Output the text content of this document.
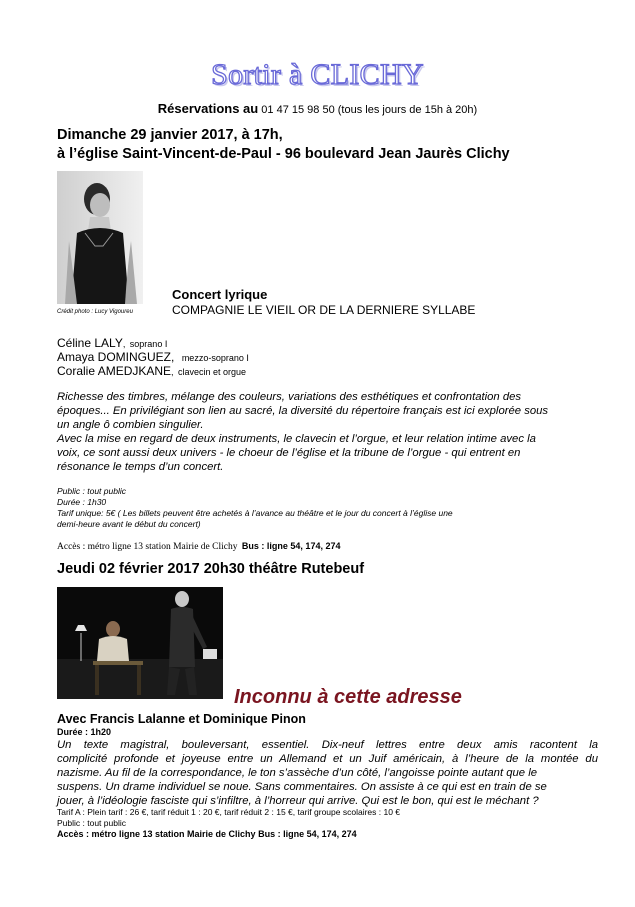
Sortir à CLICHY
Réservations au 01 47 15 98 50 (tous les jours de 15h à 20h)
Dimanche 29 janvier 2017, à 17h,
à l’église Saint-Vincent-de-Paul - 96 boulevard Jean Jaurès Clichy
Crédit photo : Lucy Vigoureu
Concert lyrique
COMPAGNIE LE VIEIL OR DE LA DERNIERE SYLLABE
Céline LALY, soprano I
Amaya DOMINGUEZ, mezzo-soprano I
Coralie AMEDJKANE, clavecin et orgue
Richesse des timbres, mélange des couleurs, variations des esthétiques et confrontation des
époques... En privilégiant son lien au sacré, la diversité du répertoire français est ici explorée sous
un angle ô combien singulier.
Avec la mise en regard de deux instruments, le clavecin et l’orgue, et leur relation intime avec la
voix, ce sont aussi deux univers - le choeur de l’église et la tribune de l’orgue - qui entrent en
résonance le temps d’un concert.
Public : tout public
Durée : 1h30
Tarif unique: 5€ ( Les billets peuvent être achetés à l’avance au théâtre et le jour du concert à l’église une
demi-heure avant le début du concert)
Accès : métro ligne 13 station Mairie de Clichy Bus : ligne 54, 174, 274
Jeudi 02 février 2017 20h30 théâtre Rutebeuf
Inconnu à cette adresse
Avec Francis Lalanne et Dominique Pinon
Durée : 1h20
Un texte magistral, bouleversant, essentiel. Dix-neuf lettres entre deux amis racontent la
complicité profonde et joyeuse entre un Allemand et un Juif américain, à l’heure de la montée du
nazisme. Au fil de la correspondance, le ton s’assèche d’un côté, l’angoisse pointe autant que le
suspens. Un drame individuel se noue. Sans commentaires. On assiste à ce qui est en train de se
jouer, à l’idéologie fasciste qui s’infiltre, à l’horreur qui arrive. Qui est le bon, qui est le méchant ?
Tarif A : Plein tarif : 26 €, tarif réduit 1 : 20 €, tarif réduit 2 : 15 €, tarif groupe scolaires : 10 €
Public : tout public
Accès : métro ligne 13 station Mairie de Clichy Bus : ligne 54, 174, 274
